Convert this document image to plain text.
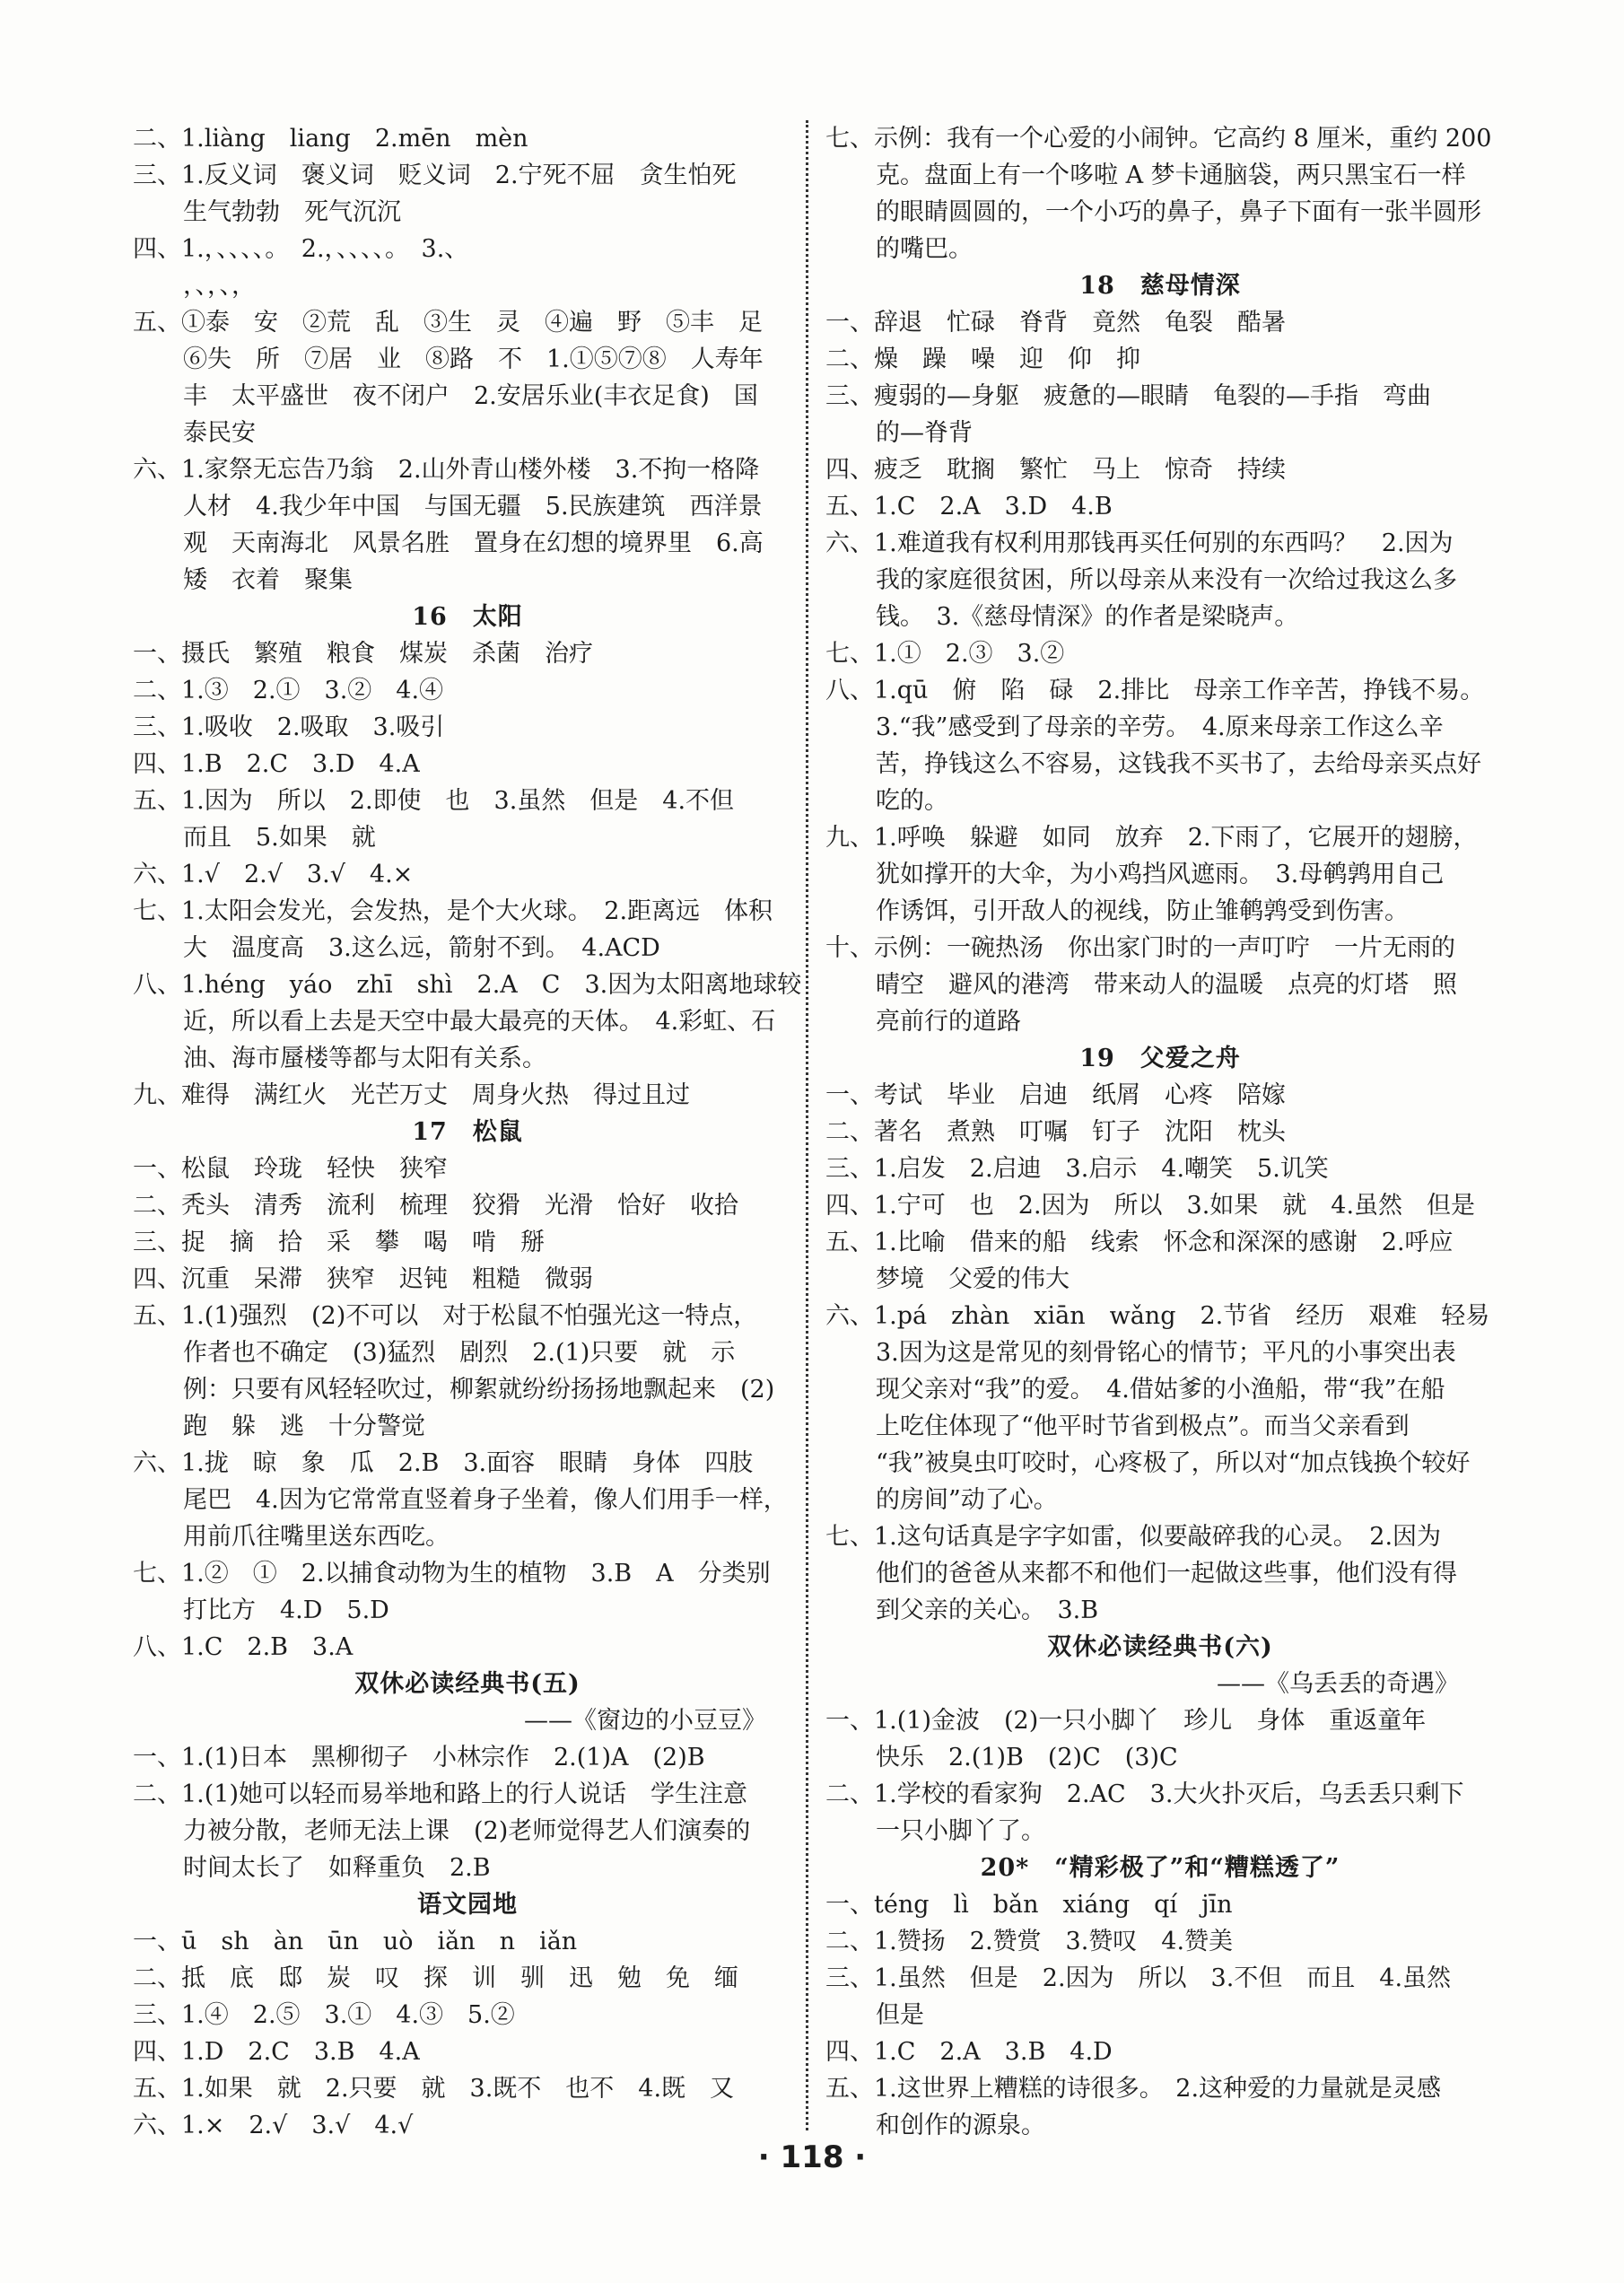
二、1.liàng　liang　2.mēn　mèn
三、1.反义词　褒义词　贬义词　2.宁死不屈　贪生怕死
生气勃勃　死气沉沉
四、1.，、、、、。　2.，、、、、。　3.、
，、，、，
五、①泰　安　②荒　乱　③生　灵　④遍　野　⑤丰　足
⑥失　所　⑦居　业　⑧路　不　1.①⑤⑦⑧　人寿年
丰　太平盛世　夜不闭户　2.安居乐业(丰衣足食)　国
泰民安
六、1.家祭无忘告乃翁　2.山外青山楼外楼　3.不拘一格降
人材　4.我少年中国　与国无疆　5.民族建筑　西洋景
观　天南海北　风景名胜　置身在幻想的境界里　6.高
矮　衣着　聚集
16　太阳
一、摄氏　繁殖　粮食　煤炭　杀菌　治疗
二、1.③　2.①　3.②　4.④
三、1.吸收　2.吸取　3.吸引
四、1.B　2.C　3.D　4.A
五、1.因为　所以　2.即使　也　3.虽然　但是　4.不但
而且　5.如果　就
六、1.√　2.√　3.√　4.×
七、1.太阳会发光，会发热，是个大火球。　2.距离远　体积
大　温度高　3.这么远，箭射不到。　4.ACD
八、1.héng　yáo　zhī　shì　2.A　C　3.因为太阳离地球较
近，所以看上去是天空中最大最亮的天体。　4.彩虹、石
油、海市蜃楼等都与太阳有关系。
九、难得　满红火　光芒万丈　周身火热　得过且过
17　松鼠
一、松鼠　玲珑　轻快　狭窄
二、秃头　清秀　流利　梳理　狡猾　光滑　恰好　收拾
三、捉　摘　拾　采　攀　喝　啃　掰
四、沉重　呆滞　狭窄　迟钝　粗糙　微弱
五、1.(1)强烈　(2)不可以　对于松鼠不怕强光这一特点，
作者也不确定　(3)猛烈　剧烈　2.(1)只要　就　示
例：只要有风轻轻吹过，柳絮就纷纷扬扬地飘起来　(2)
跑　躲　逃　十分警觉
六、1.拢　晾　象　瓜　2.B　3.面容　眼睛　身体　四肢
尾巴　4.因为它常常直竖着身子坐着，像人们用手一样，
用前爪往嘴里送东西吃。
七、1.②　①　2.以捕食动物为生的植物　3.B　A　分类别
打比方　4.D　5.D
八、1.C　2.B　3.A
双休必读经典书(五)
——《窗边的小豆豆》
一、1.(1)日本　黑柳彻子　小林宗作　2.(1)A　(2)B
二、1.(1)她可以轻而易举地和路上的行人说话　学生注意
力被分散，老师无法上课　(2)老师觉得艺人们演奏的
时间太长了　如释重负　2.B
语文园地
一、ū　sh　àn　ūn　uò　iǎn　n　iǎn
二、抵　底　邸　炭　叹　探　训　驯　迅　勉　免　缅
三、1.④　2.⑤　3.①　4.③　5.②
四、1.D　2.C　3.B　4.A
五、1.如果　就　2.只要　就　3.既不　也不　4.既　又
六、1.×　2.√　3.√　4.√
七、示例：我有一个心爱的小闹钟。它高约 8 厘米，重约 200
克。盘面上有一个哆啦 A 梦卡通脑袋，两只黑宝石一样
的眼睛圆圆的，一个小巧的鼻子，鼻子下面有一张半圆形
的嘴巴。
18　慈母情深
一、辞退　忙碌　脊背　竟然　龟裂　酷暑
二、燥　躁　噪　迎　仰　抑
三、瘦弱的—身躯　疲惫的—眼睛　龟裂的—手指　弯曲
的—脊背
四、疲乏　耽搁　繁忙　马上　惊奇　持续
五、1.C　2.A　3.D　4.B
六、1.难道我有权利用那钱再买任何别的东西吗？　2.因为
我的家庭很贫困，所以母亲从来没有一次给过我这么多
钱。　3.《慈母情深》的作者是梁晓声。
七、1.①　2.③　3.②
八、1.qū　俯　陷　碌　2.排比　母亲工作辛苦，挣钱不易。
3.“我”感受到了母亲的辛劳。　4.原来母亲工作这么辛
苦，挣钱这么不容易，这钱我不买书了，去给母亲买点好
吃的。
九、1.呼唤　躲避　如同　放弃　2.下雨了，它展开的翅膀，
犹如撑开的大伞，为小鸡挡风遮雨。　3.母鹌鹑用自己
作诱饵，引开敌人的视线，防止雏鹌鹑受到伤害。
十、示例：一碗热汤　你出家门时的一声叮咛　一片无雨的
晴空　避风的港湾　带来动人的温暖　点亮的灯塔　照
亮前行的道路
19　父爱之舟
一、考试　毕业　启迪　纸屑　心疼　陪嫁
二、著名　煮熟　叮嘱　钉子　沈阳　枕头
三、1.启发　2.启迪　3.启示　4.嘲笑　5.讥笑
四、1.宁可　也　2.因为　所以　3.如果　就　4.虽然　但是
五、1.比喻　借来的船　线索　怀念和深深的感谢　2.呼应
梦境　父爱的伟大
六、1.pá　zhàn　xiān　wǎng　2.节省　经历　艰难　轻易
3.因为这是常见的刻骨铭心的情节；平凡的小事突出表
现父亲对“我”的爱。　4.借姑爹的小渔船，带“我”在船
上吃住体现了“他平时节省到极点”。而当父亲看到
“我”被臭虫叮咬时，心疼极了，所以对“加点钱换个较好
的房间”动了心。
七、1.这句话真是字字如雷，似要敲碎我的心灵。　2.因为
他们的爸爸从来都不和他们一起做这些事，他们没有得
到父亲的关心。　3.B
双休必读经典书(六)
——《乌丢丢的奇遇》
一、1.(1)金波　(2)一只小脚丫　珍儿　身体　重返童年
快乐　2.(1)B　(2)C　(3)C
二、1.学校的看家狗　2.AC　3.大火扑灭后，乌丢丢只剩下
一只小脚丫了。
20*　“精彩极了”和“糟糕透了”
一、téng　lì　bǎn　xiáng　qí　jīn
二、1.赞扬　2.赞赏　3.赞叹　4.赞美
三、1.虽然　但是　2.因为　所以　3.不但　而且　4.虽然
但是
四、1.C　2.A　3.B　4.D
五、1.这世界上糟糕的诗很多。　2.这种爱的力量就是灵感
和创作的源泉。
· 118 ·
